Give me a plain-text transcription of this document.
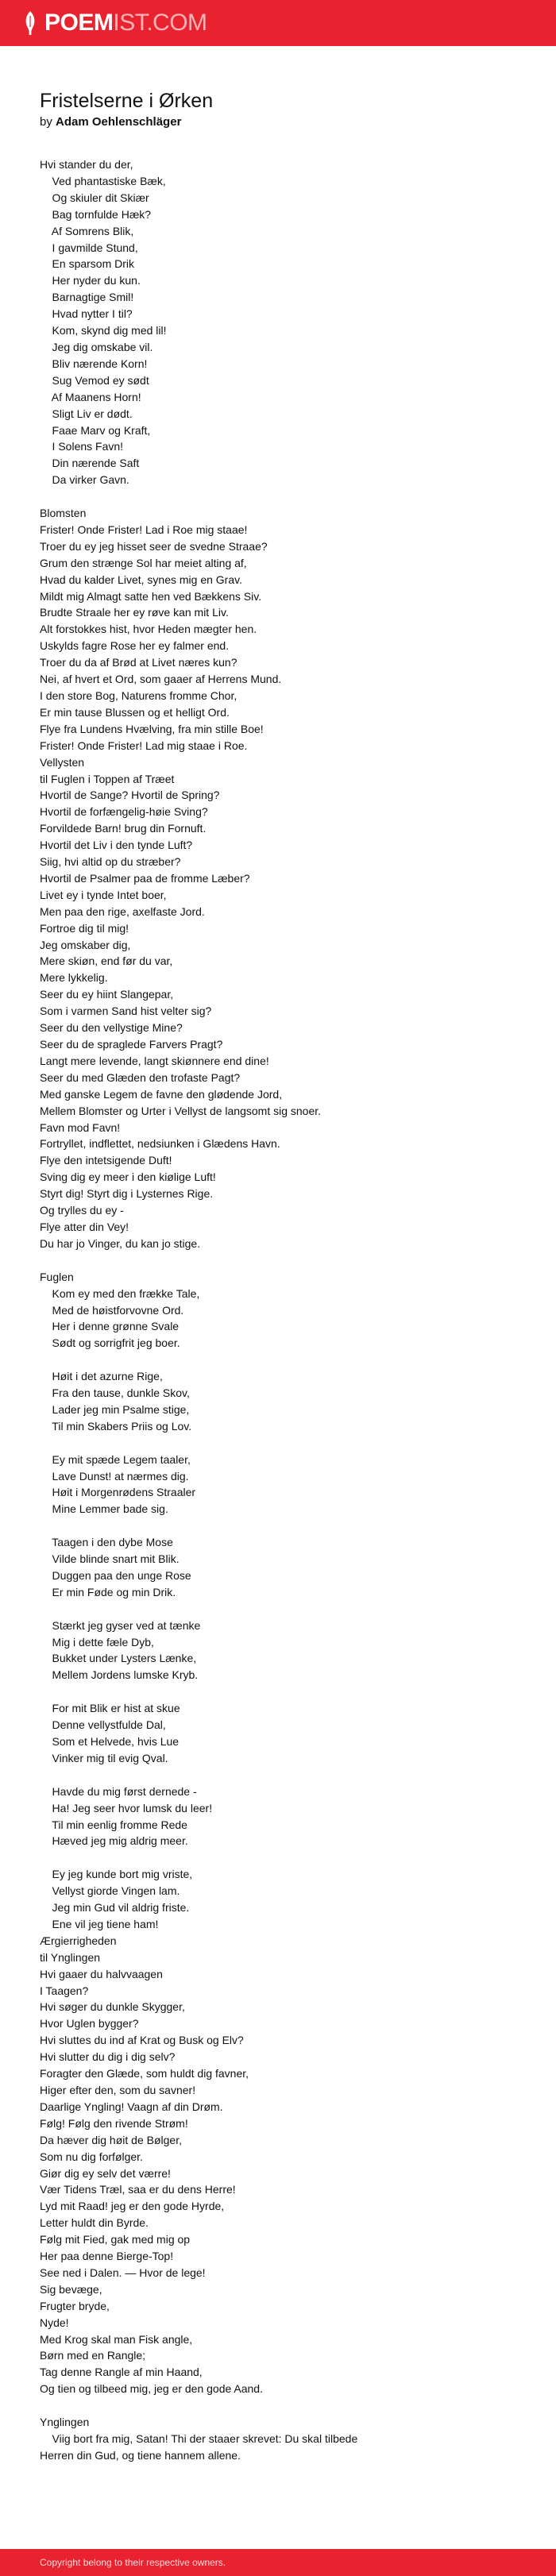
POEMIST.COM
Fristelserne i Ørken
by Adam Oehlenschläger
Hvi stander du der,
Ved phantastiske Bæk,
Og skiuler dit Skiær
Bag tornfulde Hæk?
Af Somrens Blik,
I gavmilde Stund,
En sparsom Drik
Her nyder du kun.
Barnagtige Smil!
Hvad nytter I til?
Kom, skynd dig med lil!
Jeg dig omskabe vil.
Bliv nærende Korn!
Sug Vemod ey sødt
Af Maanens Horn!
Sligt Liv er dødt.
Faae Marv og Kraft,
I Solens Favn!
Din nærende Saft
Da virker Gavn.
Blomsten
Frister! Onde Frister! Lad i Roe mig staae!
Troer du ey jeg hisset seer de svedne Straae?
Grum den strænge Sol har meiet alting af,
Hvad du kalder Livet, synes mig en Grav.
Mildt mig Almagt satte hen ved Bækkens Siv.
Brudte Straale her ey røve kan mit Liv.
Alt forstokkes hist, hvor Heden mægter hen.
Uskylds fagre Rose her ey falmer end.
Troer du da af Brød at Livet næres kun?
Nei, af hvert et Ord, som gaaer af Herrens Mund.
I den store Bog, Naturens fromme Chor,
Er min tause Blussen og et helligt Ord.
Flye fra Lundens Hvælving, fra min stille Boe!
Frister! Onde Frister! Lad mig staae i Roe.
Vellysten
til Fuglen i Toppen af Træet
Hvortil de Sange? Hvortil de Spring?
Hvortil de forfængelig-høie Sving?
Forvildede Barn! brug din Fornuft.
Hvortil det Liv i den tynde Luft?
Siig, hvi altid op du stræber?
Hvortil de Psalmer paa de fromme Læber?
Livet ey i tynde Intet boer,
Men paa den rige, axelfaste Jord.
Fortroe dig til mig!
Jeg omskaber dig,
Mere skiøn, end før du var,
Mere lykkelig.
Seer du ey hiint Slangepar,
Som i varmen Sand hist velter sig?
Seer du den vellystige Mine?
Seer du de spraglede Farvers Pragt?
Langt mere levende, langt skiønnere end dine!
Seer du med Glæden den trofaste Pagt?
Med ganske Legem de favne den glødende Jord,
Mellem Blomster og Urter i Vellyst de langsomt sig snoer.
Favn mod Favn!
Fortryllet, indflettet, nedsiunken i Glædens Havn.
Flye den intetsigende Duft!
Sving dig ey meer i den kiølige Luft!
Styrt dig! Styrt dig i Lysternes Rige.
Og trylles du ey -
Flye atter din Vey!
Du har jo Vinger, du kan jo stige.
Fuglen
Kom ey med den frække Tale,
Med de høistforvovne Ord.
Her i denne grønne Svale
Sødt og sorrigfrit jeg boer.
Høit i det azurne Rige,
Fra den tause, dunkle Skov,
Lader jeg min Psalme stige,
Til min Skabers Priis og Lov.
Ey mit spæde Legem taaler,
Lave Dunst! at nærmes dig.
Høit i Morgenrødens Straaler
Mine Lemmer bade sig.
Taagen i den dybe Mose
Vilde blinde snart mit Blik.
Duggen paa den unge Rose
Er min Føde og min Drik.
Stærkt jeg gyser ved at tænke
Mig i dette fæle Dyb,
Bukket under Lysters Lænke,
Mellem Jordens lumske Kryb.
For mit Blik er hist at skue
Denne vellystfulde Dal,
Som et Helvede, hvis Lue
Vinker mig til evig Qval.
Havde du mig først dernede -
Ha! Jeg seer hvor lumsk du leer!
Til min eenlig fromme Rede
Hæved jeg mig aldrig meer.
Ey jeg kunde bort mig vriste,
Vellyst giorde Vingen lam.
Jeg min Gud vil aldrig friste.
Ene vil jeg tiene ham!
Ærgierrigheden
til Ynglingen
Hvi gaaer du halvvaagen
I Taagen?
Hvi søger du dunkle Skygger,
Hvor Uglen bygger?
Hvi sluttes du ind af Krat og Busk og Elv?
Hvi slutter du dig i dig selv?
Foragter den Glæde, som huldt dig favner,
Higer efter den, som du savner!
Daarlige Yngling! Vaagn af din Drøm.
Følg! Følg den rivende Strøm!
Da hæver dig høit de Bølger,
Som nu dig forfølger.
Giør dig ey selv det værre!
Vær Tidens Træl, saa er du dens Herre!
Lyd mit Raad! jeg er den gode Hyrde,
Letter huldt din Byrde.
Følg mit Fied, gak med mig op
Her paa denne Bierge-Top!
See ned i Dalen. — Hvor de lege!
Sig bevæge,
Frugter bryde,
Nyde!
Med Krog skal man Fisk angle,
Børn med en Rangle;
Tag denne Rangle af min Haand,
Og tien og tilbeed mig, jeg er den gode Aand.
Ynglingen
Viig bort fra mig, Satan! Thi der staaer skrevet: Du skal tilbede
Herren din Gud, og tiene hannem allene.
Copyright belong to their respective owners.
